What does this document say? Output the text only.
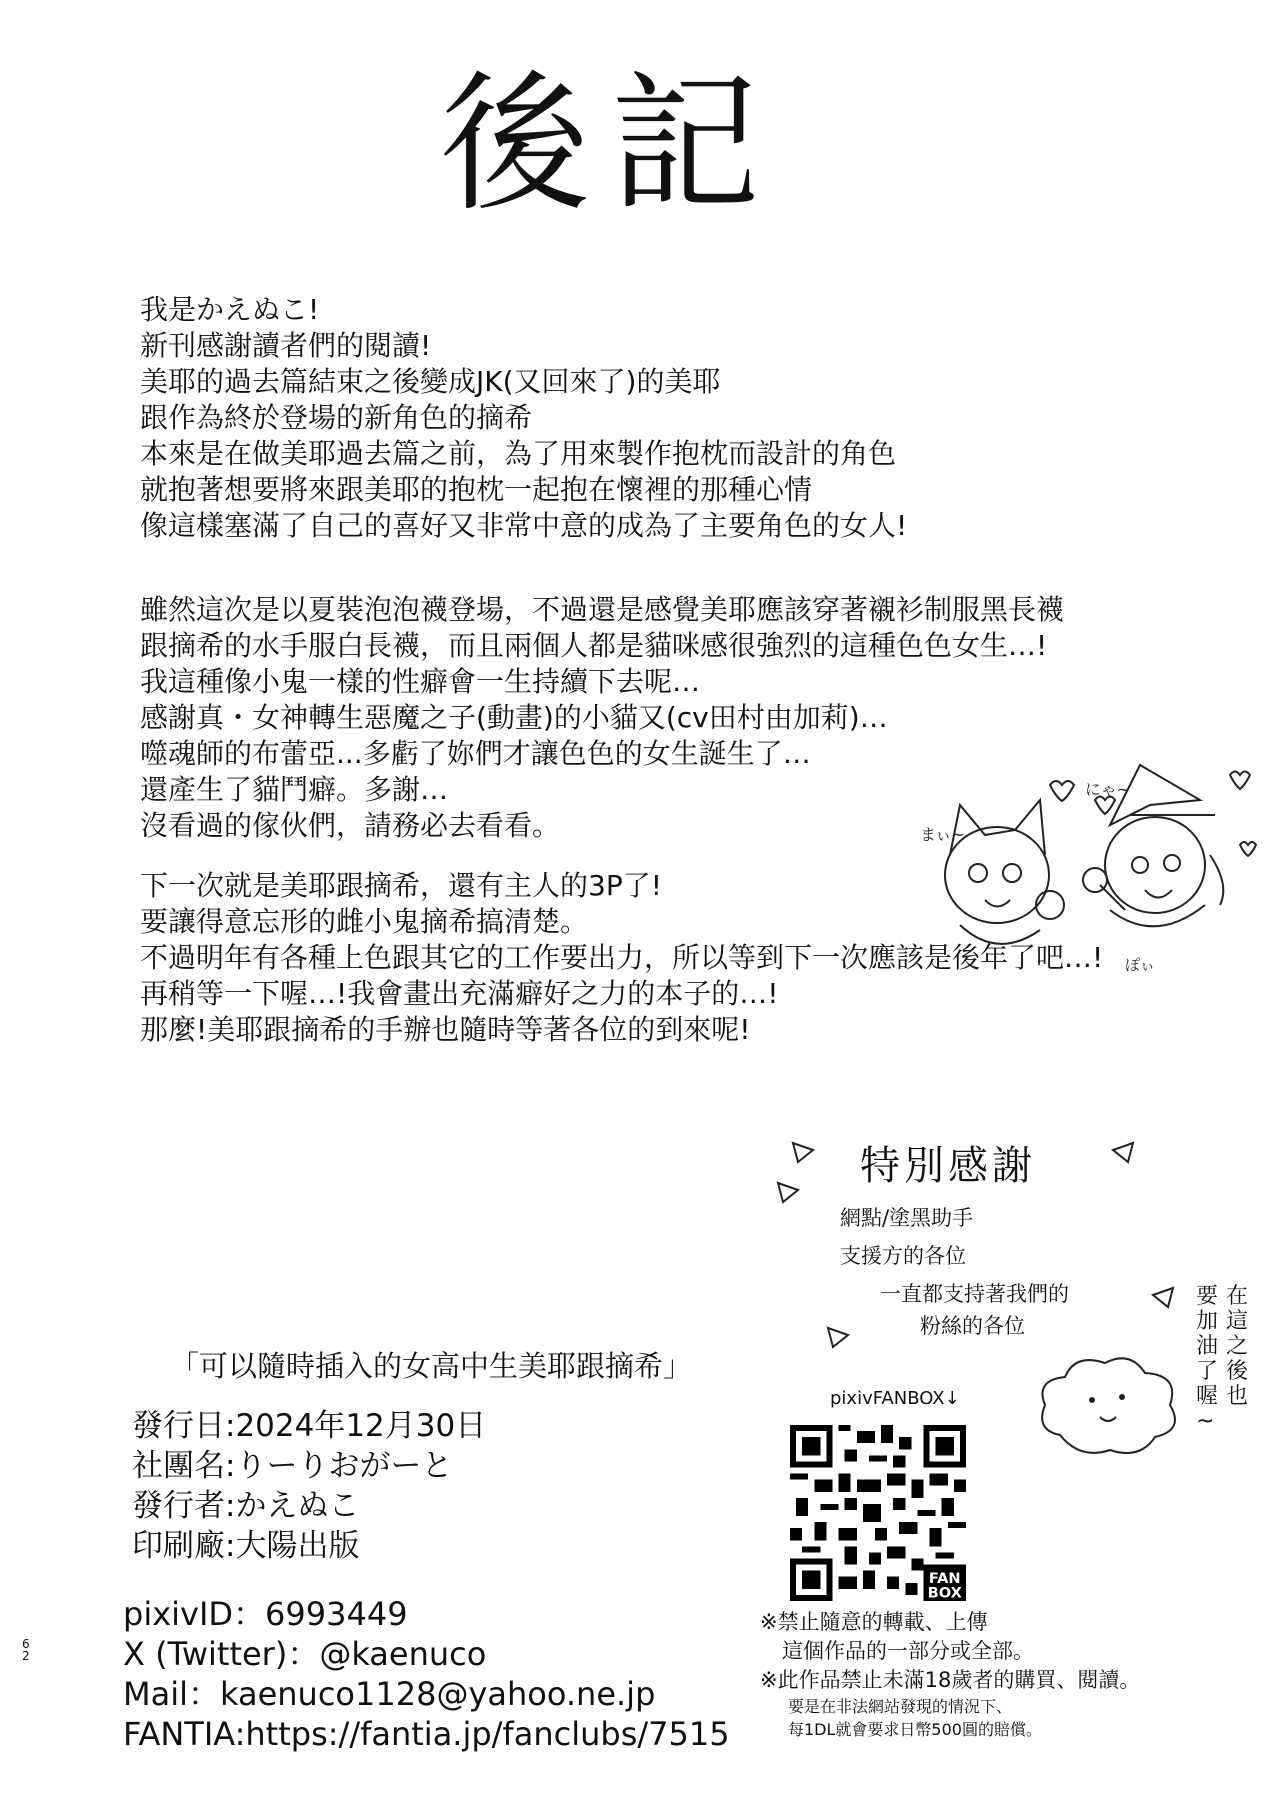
後記
我是かえぬこ!
新刊感謝讀者們的閱讀!
美耶的過去篇結束之後變成JK(又回來了)的美耶
跟作為終於登場的新角色的摘希
本來是在做美耶過去篇之前，為了用來製作抱枕而設計的角色
就抱著想要將來跟美耶的抱枕一起抱在懷裡的那種心情
像這樣塞滿了自己的喜好又非常中意的成為了主要角色的女人!
雖然這次是以夏裝泡泡襪登場，不過還是感覺美耶應該穿著襯衫制服黑長襪
跟摘希的水手服白長襪，而且兩個人都是貓咪感很強烈的這種色色女生…!
我這種像小鬼一樣的性癖會一生持續下去呢…
感謝真・女神轉生惡魔之子(動畫)的小貓又(cv田村由加莉)…
噬魂師的布蕾亞...多虧了妳們才讓色色的女生誕生了…
還產生了貓鬥癖。多謝…
沒看過的傢伙們，請務必去看看。
下一次就是美耶跟摘希，還有主人的3P了!
要讓得意忘形的雌小鬼摘希搞清楚。
不過明年有各種上色跟其它的工作要出力，所以等到下一次應該是後年了吧…!
再稍等一下喔…!我會畫出充滿癖好之力的本子的…!
那麼!美耶跟摘希的手辦也隨時等著各位的到來呢!
まぃ~
にゃ~
ぽぃ
特別感謝
網點/塗黑助手
支援方的各位
一直都支持著我們的
粉絲的各位
在這之後也
要加油了喔~
pixivFANBOX↓
FAN
BOX
「可以隨時插入的女高中生美耶跟摘希」
發行日:2024年12月30日
社團名:りーりおがーと
發行者:かえぬこ
印刷廠:大陽出版
62
pixivID：6993449
X (Twitter)：@kaenuco
Mail：kaenuco1128@yahoo.ne.jp
FANTIA:https://fantia.jp/fanclubs/7515
※禁止隨意的轉載、上傳
這個作品的一部分或全部。
※此作品禁止未滿18歲者的購買、閱讀。
要是在非法網站發現的情況下、
每1DL就會要求日幣500圓的賠償。
